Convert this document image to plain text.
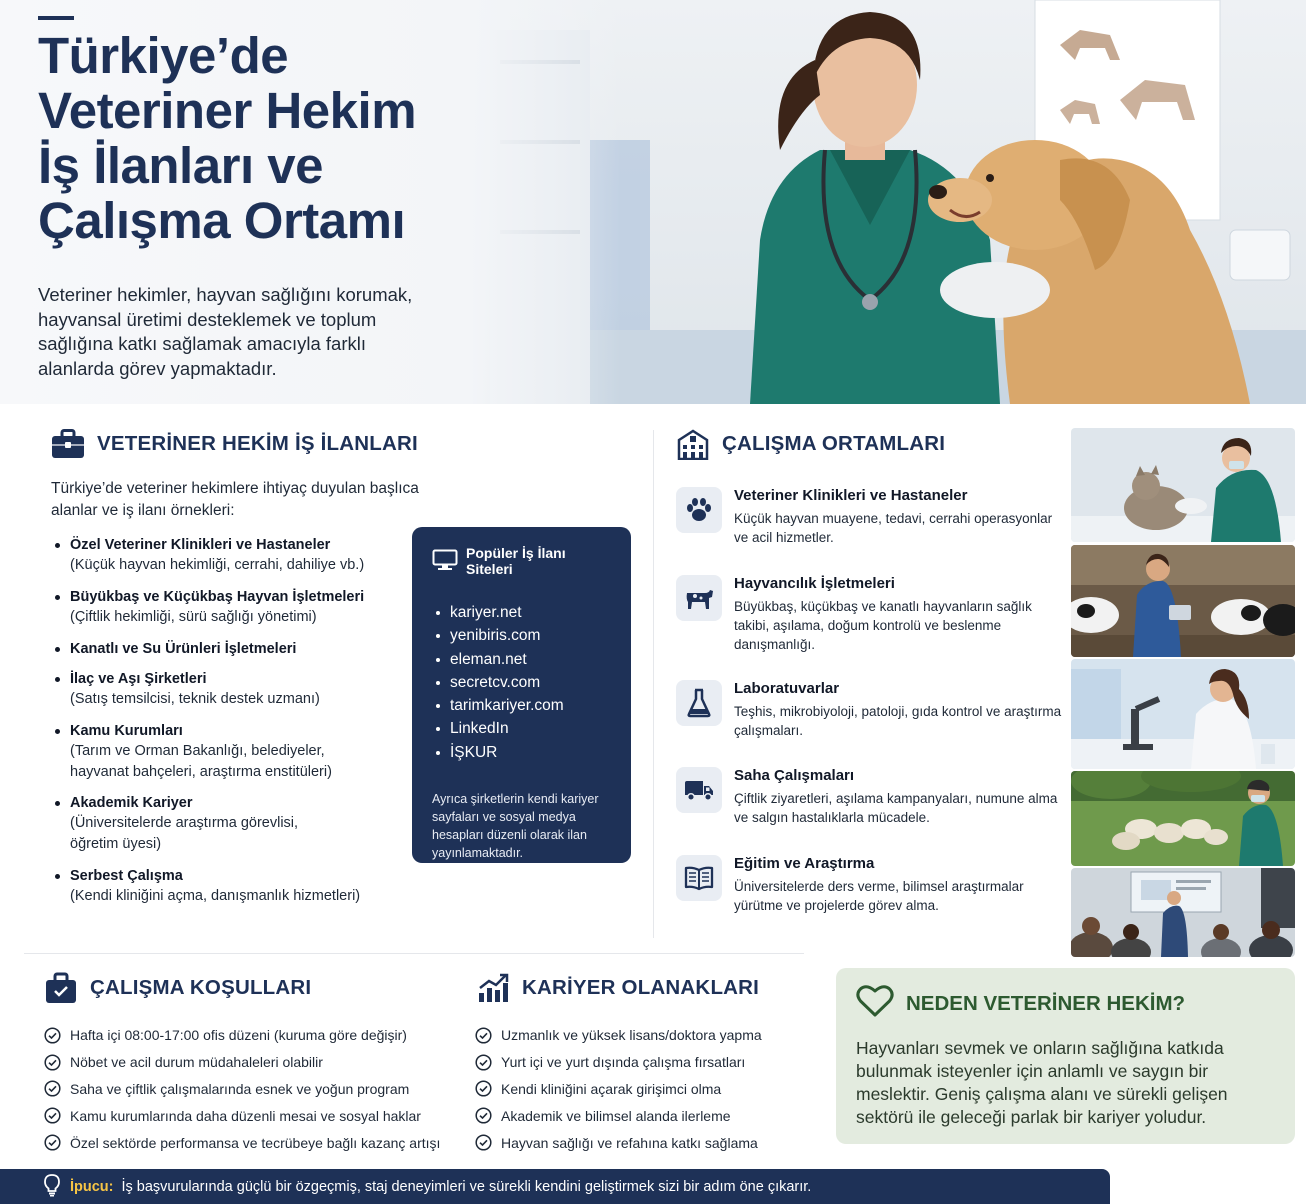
Türkiye’de
Veteriner Hekim
İş İlanları ve
Çalışma Ortamı

Veteriner hekimler, hayvan sağlığını korumak, hayvansal üretimi desteklemek ve toplum sağlığına katkı sağlamak amacıyla farklı alanlarda görev yapmaktadır.

VETERİNER HEKİM İŞ İLANLARI

Türkiye’de veteriner hekimlere ihtiyaç duyulan başlıca alanlar ve iş ilanı örnekleri:

Özel Veteriner Klinikleri ve Hastaneler
(Küçük hayvan hekimliği, cerrahi, dahiliye vb.)
Büyükbaş ve Küçükbaş Hayvan İşletmeleri
(Çiftlik hekimliği, sürü sağlığı yönetimi)
Kanatlı ve Su Ürünleri İşletmeleri
İlaç ve Aşı Şirketleri
(Satış temsilcisi, teknik destek uzmanı)
Kamu Kurumları
(Tarım ve Orman Bakanlığı, belediyeler,
hayvanat bahçeleri, araştırma enstitüleri)
Akademik Kariyer
(Üniversitelerde araştırma görevlisi,
öğretim üyesi)
Serbest Çalışma
(Kendi kliniğini açma, danışmanlık hizmetleri)
Popüler İş İlanı Siteleri
kariyer.net
yenibiris.com
eleman.net
secretcv.com
tarimkariyer.com
LinkedIn
İŞKUR

Ayrıca şirketlerin kendi kariyer sayfaları ve sosyal medya hesapları düzenli olarak ilan yayınlamaktadır.

ÇALIŞMA ORTAMLARI
Veteriner Klinikleri ve Hastaneler
Küçük hayvan muayene, tedavi, cerrahi operasyonlar ve acil hizmetler.
Hayvancılık İşletmeleri
Büyükbaş, küçükbaş ve kanatlı hayvanların sağlık takibi, aşılama, doğum kontrolü ve beslenme danışmanlığı.
Laboratuvarlar
Teşhis, mikrobiyoloji, patoloji, gıda kontrol ve araştırma çalışmaları.
Saha Çalışmaları
Çiftlik ziyaretleri, aşılama kampanyaları, numune alma ve salgın hastalıklarla mücadele.
Eğitim ve Araştırma
Üniversitelerde ders verme, bilimsel araştırmalar yürütme ve projelerde görev alma.
ÇALIŞMA KOŞULLARI
Hafta içi 08:00-17:00 ofis düzeni (kuruma göre değişir)
Nöbet ve acil durum müdahaleleri olabilir
Saha ve çiftlik çalışmalarında esnek ve yoğun program
Kamu kurumlarında daha düzenli mesai ve sosyal haklar
Özel sektörde performansa ve tecrübeye bağlı kazanç artışı
KARİYER OLANAKLARI
Uzmanlık ve yüksek lisans/doktora yapma
Yurt içi ve yurt dışında çalışma fırsatları
Kendi kliniğini açarak girişimci olma
Akademik ve bilimsel alanda ilerleme
Hayvan sağlığı ve refahına katkı sağlama
NEDEN VETERİNER HEKİM?

Hayvanları sevmek ve onların sağlığına katkıda bulunmak isteyenler için anlamlı ve saygın bir meslektir. Geniş çalışma alanı ve sürekli gelişen sektörü ile geleceği parlak bir kariyer yoludur.

İpucu: İş başvurularında güçlü bir özgeçmiş, staj deneyimleri ve sürekli kendini geliştirmek sizi bir adım öne çıkarır.
